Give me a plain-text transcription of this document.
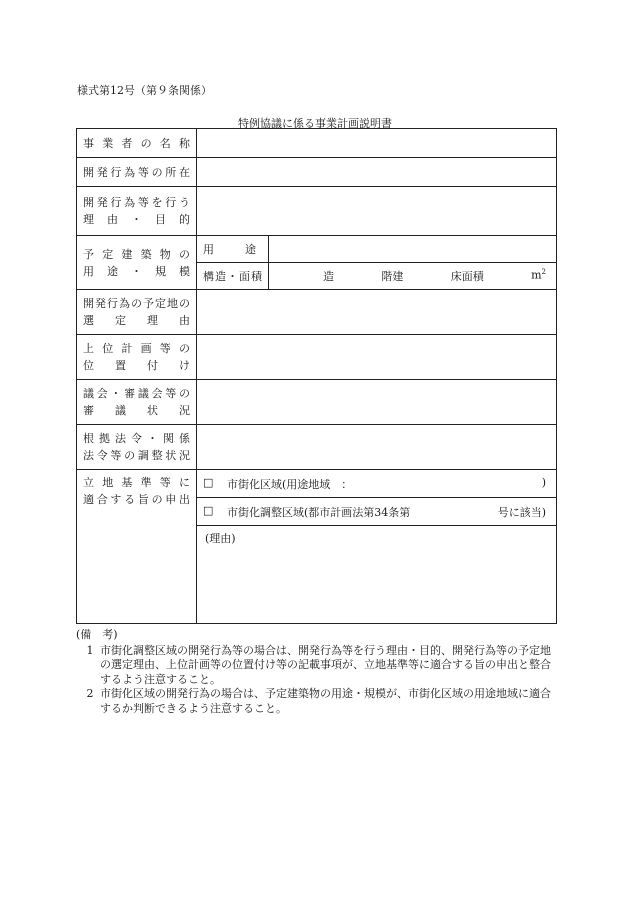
様式第12号（第９条関係）
特例協議に係る事業計画説明書
事業者の名称		

開発行為等の所在		

開発行為等を行う
理由・目的		

予定建築物の
用途・規模	用途	

	構造・面積	造 階建 床面積 $m^2$

開発行為の予定地の
選定理由		

上位計画等の
位置付け		

議会・審議会等の
審議状況		

根拠法令・関係
法令等の調整状況		

立地基準等に
適合する旨の申出	□ 市街化区域(用途地域　： )	

	□ 市街化調整区域(都市計画法第34条第 号に該当)	

	(理由)	
(備　考)
1 市街化調整区域の開発行為等の場合は、開発行為等を行う理由・目的、開発行為等の予定地の選定理由、上位計画等の位置付け等の記載事項が、立地基準等に適合する旨の申出と整合するよう注意すること。
2 市街化区域の開発行為の場合は、予定建築物の用途・規模が、市街化区域の用途地域に適合するか判断できるよう注意すること。
